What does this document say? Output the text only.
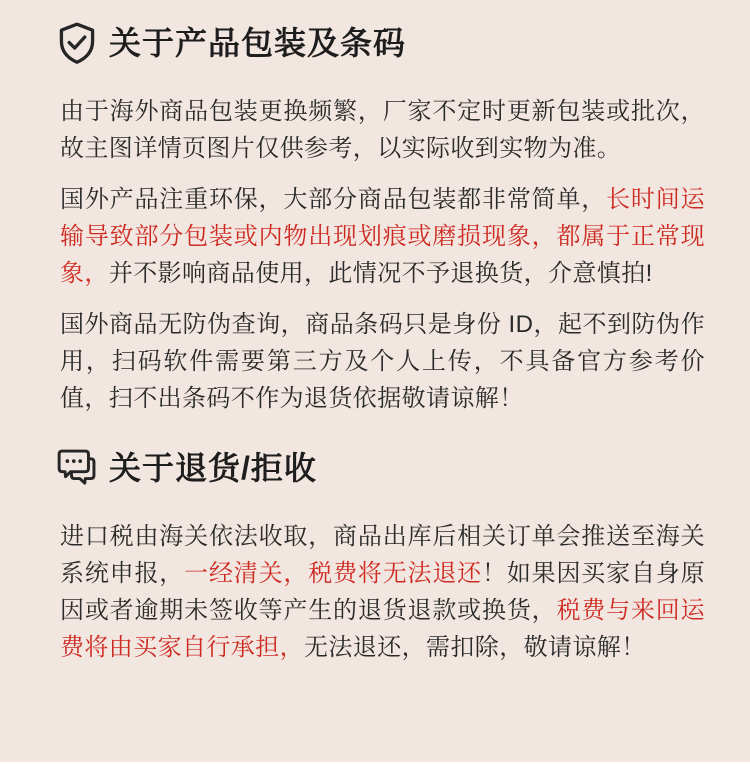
关于产品包装及条码

由于海外商品包装更换频繁，厂家不定时更新包装或批次，故主图详情页图片仅供参考，以实际收到实物为准。

国外产品注重环保，大部分商品包装都非常简单，长时间运输导致部分包装或内物出现划痕或磨损现象，都属于正常现象，并不影响商品使用，此情况不予退换货，介意慎拍!

国外商品无防伪查询，商品条码只是身份 ID，起不到防伪作用，扫码软件需要第三方及个人上传，不具备官方参考价值，扫不出条码不作为退货依据敬请谅解！

关于退货/拒收

进口税由海关依法收取，商品出库后相关订单会推送至海关系统申报，一经清关，税费将无法退还！如果因买家自身原因或者逾期未签收等产生的退货退款或换货，税费与来回运费将由买家自行承担，无法退还，需扣除，敬请谅解！
